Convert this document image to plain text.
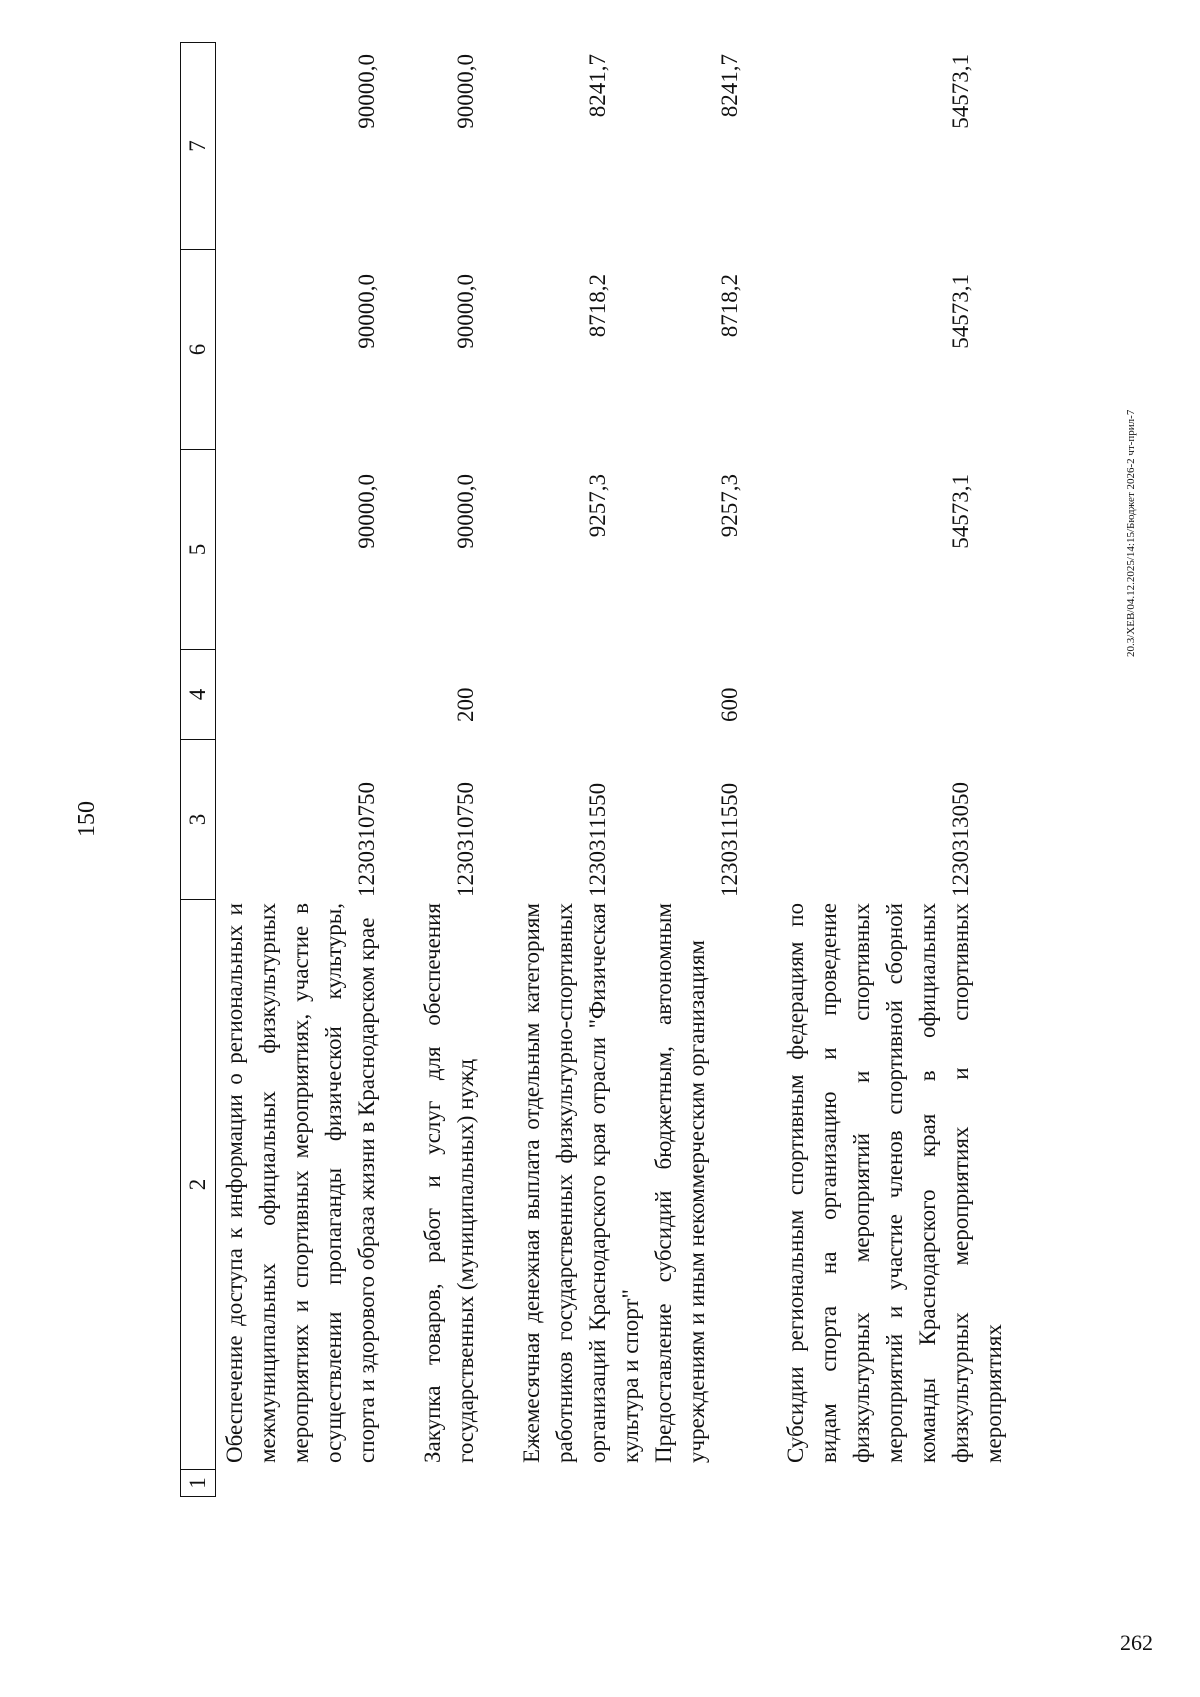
150
1
2
3
4
5
6
7
Обеспечение доступа к информации о региональных и межмуниципальных официальных физкультурных мероприятиях и спортивных мероприятиях, участие в осуществлении пропаганды физической культуры, спорта и здорового образа жизни в Краснодарском крае
1230310750
90000,0
90000,0
90000,0
Закупка товаров, работ и услуг для обеспечения государственных (муниципальных) нужд
1230310750
200
90000,0
90000,0
90000,0
Ежемесячная денежная выплата отдельным категориям работников государственных физкультурно-спортивных организаций Краснодарского края отрасли "Физическая культура и спорт"
1230311550
9257,3
8718,2
8241,7
Предоставление субсидий бюджетным, автономным учреждениям и иным некоммерческим организациям
1230311550
600
9257,3
8718,2
8241,7
Субсидии региональным спортивным федерациям по видам спорта на организацию и проведение физкультурных мероприятий и спортивных мероприятий и участие членов спортивной сборной команды Краснодарского края в официальных физкультурных мероприятиях и спортивных мероприятиях
1230313050
54573,1
54573,1
54573,1
20.3/ХЕВ/04.12.2025/14:15/Бюджет 2026-2 чт-прил-7
262
